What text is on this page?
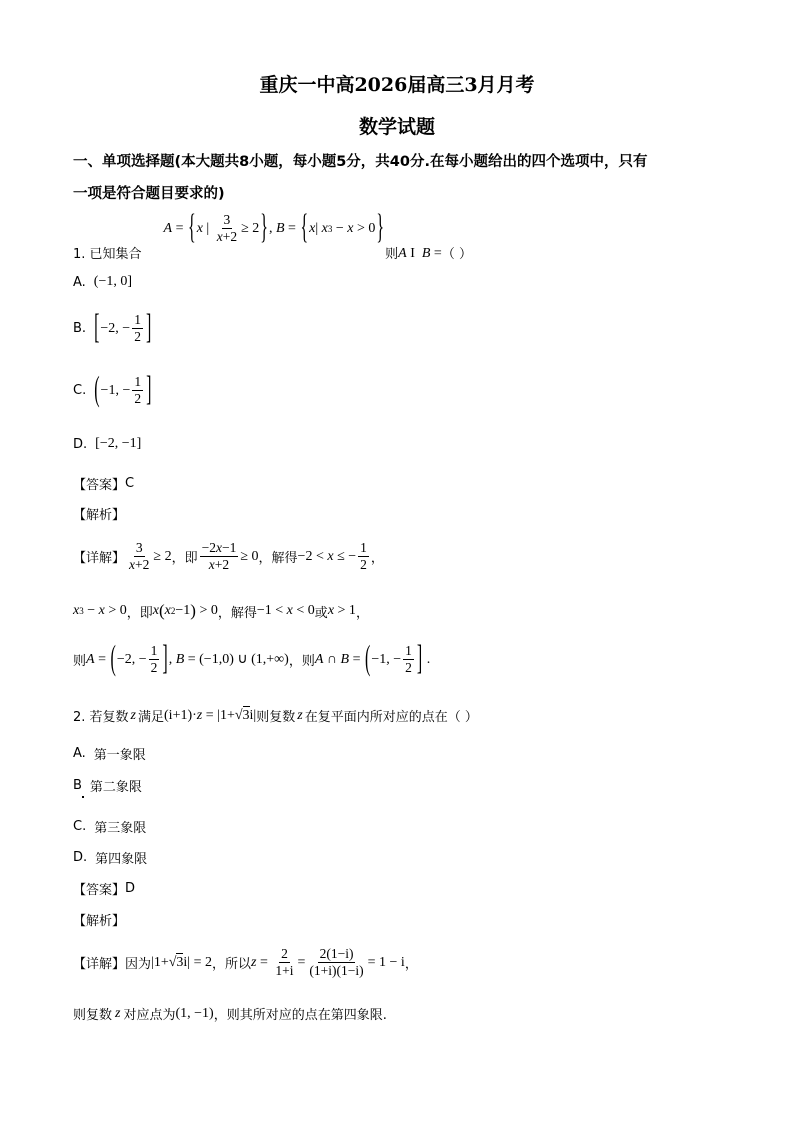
重庆一中高2026届高三3月月考
数学试题
一、单项选择题(本大题共8小题，每小题5分，共40分.在每小题给出的四个选项中，只有
一项是符合题目要求的)
1. 已知集合
A = { x | $\frac{3}{x+2} \ge 2$ } , B = { x | x 3 − x > 0 }
则 A I  B = （ ）
A. (−1, 0]
B. [ −2, − $\frac{1}{2}$ ]
C. ( −1, − $\frac{1}{2}$ ]
D. [−2, −1]
【答案】 C
【解析】
【详解】 $\frac{3}{x+2} \ge 2$ ，即 $\frac{-2x-1}{x+2} \ge 0$ ，解得 −2 < x ≤ − $\frac{1}{2}$ ，
x 3 − x > 0 ，即 x ( x 2 −1 ) > 0 ，解得 −1 < x < 0 或 x > 1 ，
则 A = ( −2, − $\frac{1}{2}$ ] , B = (−1,0) ∪ (1,+∞) ，则 A ∩ B = ( −1, − $\frac{1}{2}$ ] .
2. 若复数 z 满足 (i+1)·z = |1+√3i| 则复数 z 在复平面内所对应的点在（ ）
A. 第一象限
B 第二象限
C. 第三象限
D. 第四象限
【答案】 D
【解析】
【详解】 因为 |1+√3i| = 2 ，所以 $z = \frac{2}{1+i} = \frac{2(1-i)}{(1+i)(1-i)} = 1 - i$ ，
则复数 z 对应点为 (1, −1) ，则其所对应的点在第四象限.
